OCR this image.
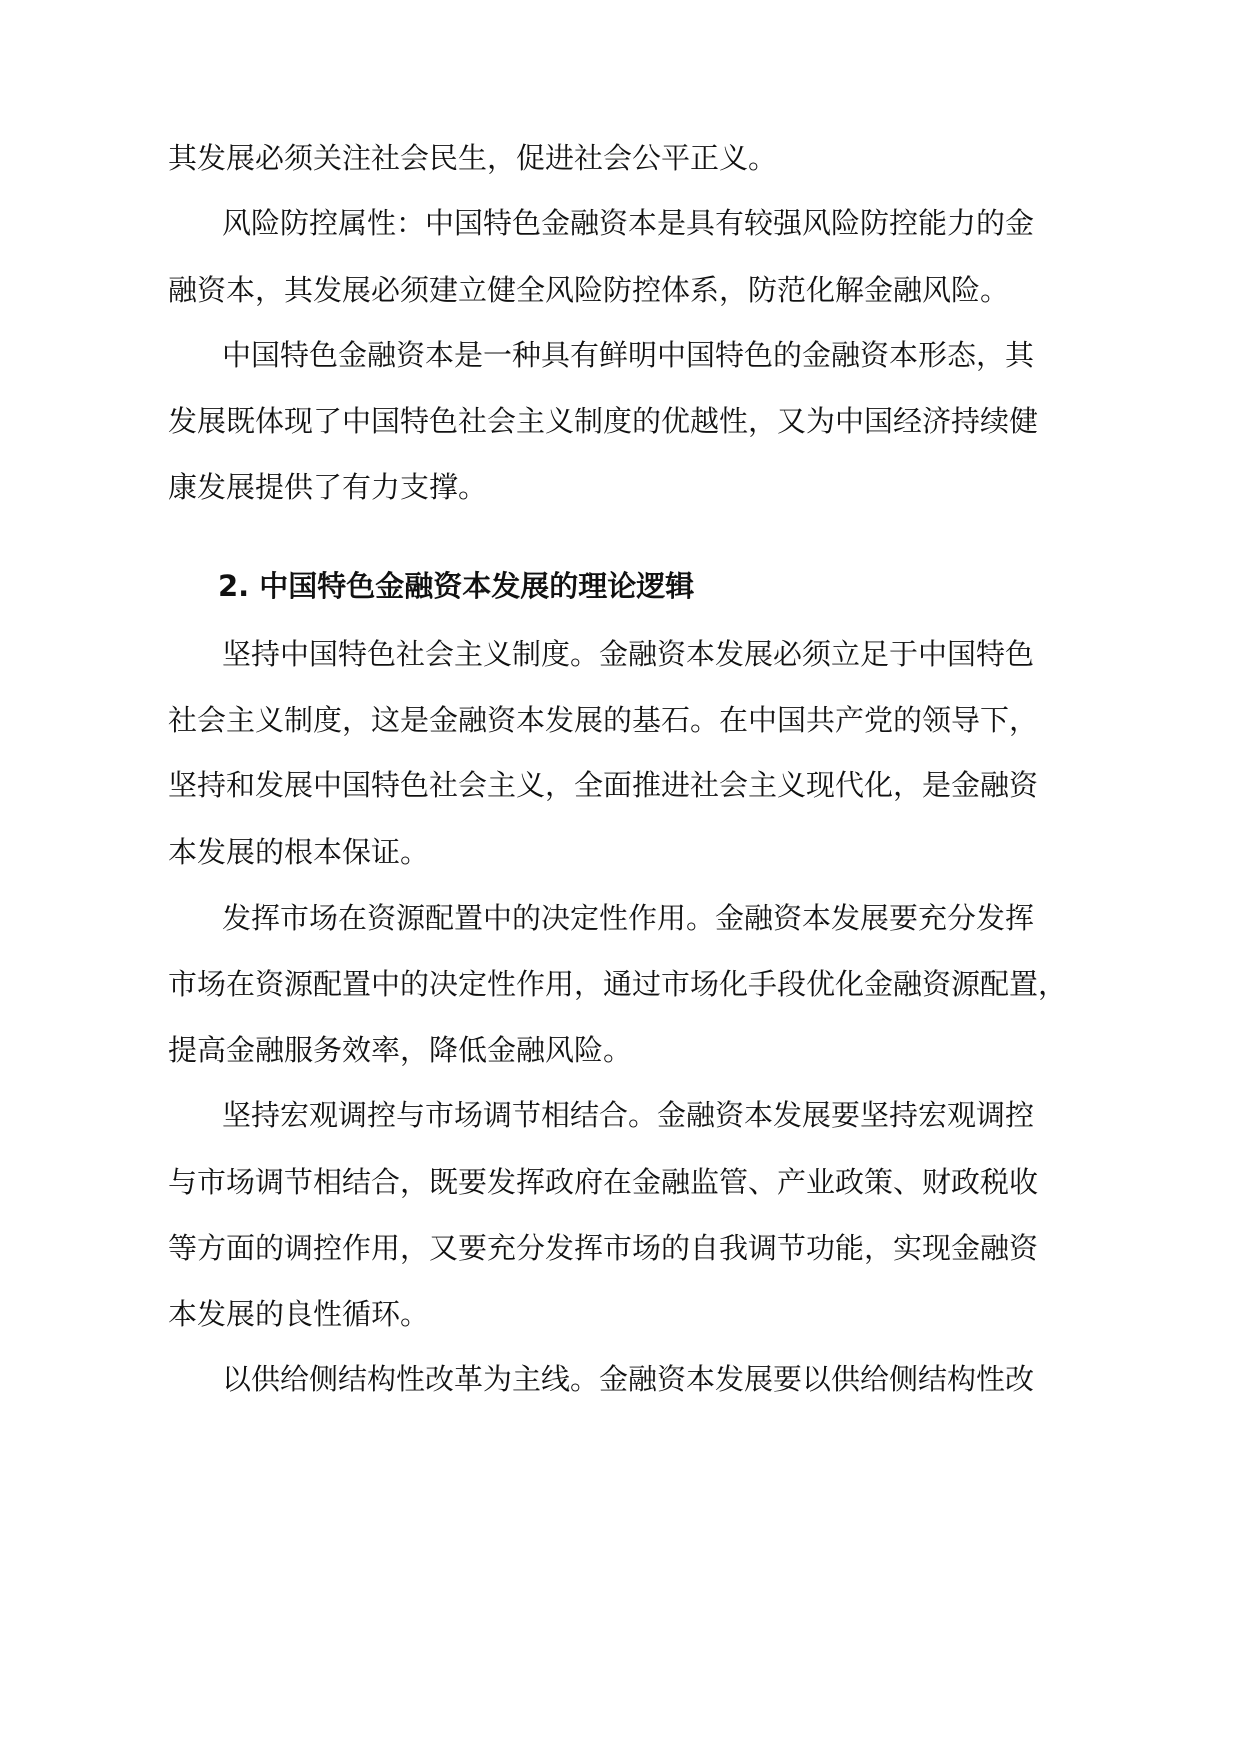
其发展必须关注社会民生，促进社会公平正义。
风险防控属性：中国特色金融资本是具有较强风险防控能力的金
融资本，其发展必须建立健全风险防控体系，防范化解金融风险。
中国特色金融资本是一种具有鲜明中国特色的金融资本形态，其
发展既体现了中国特色社会主义制度的优越性，又为中国经济持续健
康发展提供了有力支撑。
2. 中国特色金融资本发展的理论逻辑
坚持中国特色社会主义制度。金融资本发展必须立足于中国特色
社会主义制度，这是金融资本发展的基石。在中国共产党的领导下，
坚持和发展中国特色社会主义，全面推进社会主义现代化，是金融资
本发展的根本保证。
发挥市场在资源配置中的决定性作用。金融资本发展要充分发挥
市场在资源配置中的决定性作用，通过市场化手段优化金融资源配置，
提高金融服务效率，降低金融风险。
坚持宏观调控与市场调节相结合。金融资本发展要坚持宏观调控
与市场调节相结合，既要发挥政府在金融监管、产业政策、财政税收
等方面的调控作用，又要充分发挥市场的自我调节功能，实现金融资
本发展的良性循环。
以供给侧结构性改革为主线。金融资本发展要以供给侧结构性改
